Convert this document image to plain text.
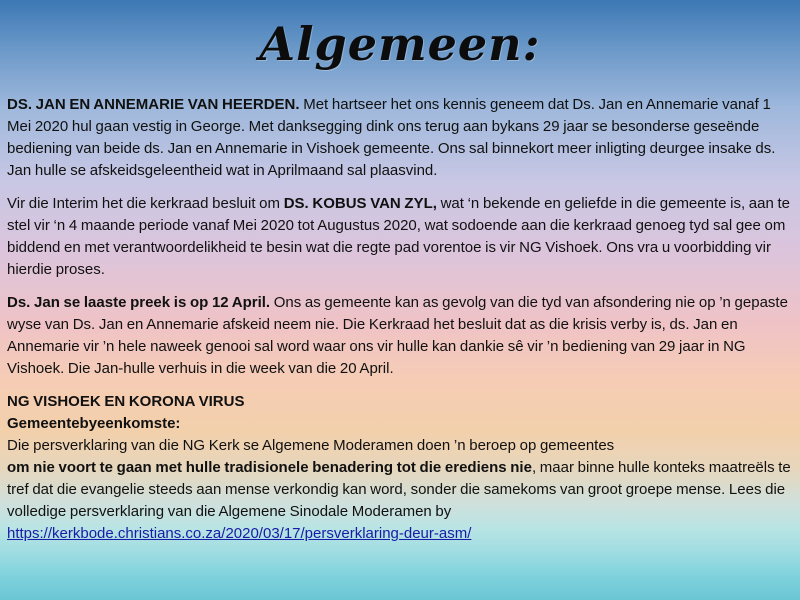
Algemeen:

DS. JAN EN ANNEMARIE VAN HEERDEN. Met hartseer het ons kennis geneem dat Ds. Jan en Annemarie vanaf 1 Mei 2020 hul gaan vestig in George. Met danksegging dink ons terug aan bykans 29 jaar se besonderse geseënde bediening van beide ds. Jan en Annemarie in Vishoek gemeente. Ons sal binnekort meer inligting deurgee insake ds. Jan hulle se afskeidsgeleentheid wat in Aprilmaand sal plaasvind.

Vir die Interim het die kerkraad besluit om DS. KOBUS VAN ZYL, wat ‘n bekende en geliefde in die gemeente is, aan te stel vir ‘n 4 maande periode vanaf Mei 2020 tot Augustus 2020, wat sodoende aan die kerkraad genoeg tyd sal gee om biddend en met verantwoordelikheid te besin wat die regte pad vorentoe is vir NG Vishoek. Ons vra u voorbidding vir hierdie proses.

Ds. Jan se laaste preek is op 12 April. Ons as gemeente kan as gevolg van die tyd van afsondering nie op ’n gepaste wyse van Ds. Jan en Annemarie afskeid neem nie. Die Kerkraad het besluit dat as die krisis verby is, ds. Jan en Annemarie vir ’n hele naweek genooi sal word waar ons vir hulle kan dankie sê vir ’n bediening van 29 jaar in NG Vishoek. Die Jan-hulle verhuis in die week van die 20 April.

NG VISHOEK EN KORONA VIRUS
Gemeentebyeenkomste:
Die persverklaring van die NG Kerk se Algemene Moderamen doen ’n beroep op gemeentes
om nie voort te gaan met hulle tradisionele benadering tot die erediens nie, maar binne hulle konteks maatreëls te tref dat die evangelie steeds aan mense verkondig kan word, sonder die samekoms van groot groepe mense. Lees die volledige persverklaring van die Algemene Sinodale Moderamen by
https://kerkbode.christians.co.za/2020/03/17/persverklaring-deur-asm/
